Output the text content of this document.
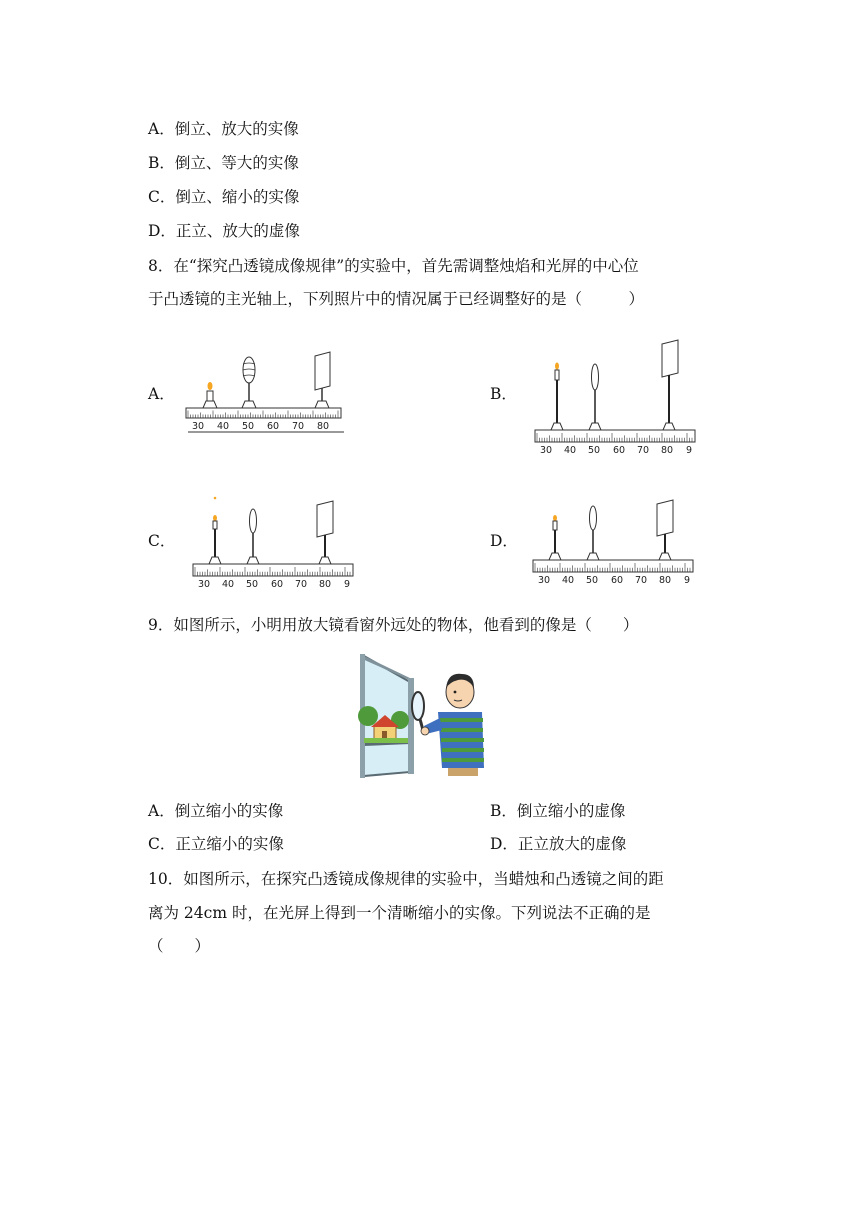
A．倒立、放大的实像
B．倒立、等大的实像
C．倒立、缩小的实像
D．正立、放大的虚像
8．在“探究凸透镜成像规律”的实验中，首先需调整烛焰和光屏的中心位
于凸透镜的主光轴上，下列照片中的情况属于已经调整好的是（　　　）
A．	B．
C．	D．
30 40 50 60 70 80
30 40 50 60 70 80 9
30 40 50 60 70 80 9	30 40 50 60 70 80 9
9．如图所示，小明用放大镜看窗外远处的物体，他看到的像是（　　）
A．倒立缩小的实像	B．倒立缩小的虚像
C．正立缩小的实像	D．正立放大的虚像
10．如图所示，在探究凸透镜成像规律的实验中，当蜡烛和凸透镜之间的距
离为 24cm 时，在光屏上得到一个清晰缩小的实像。下列说法不正确的是
（　　）
